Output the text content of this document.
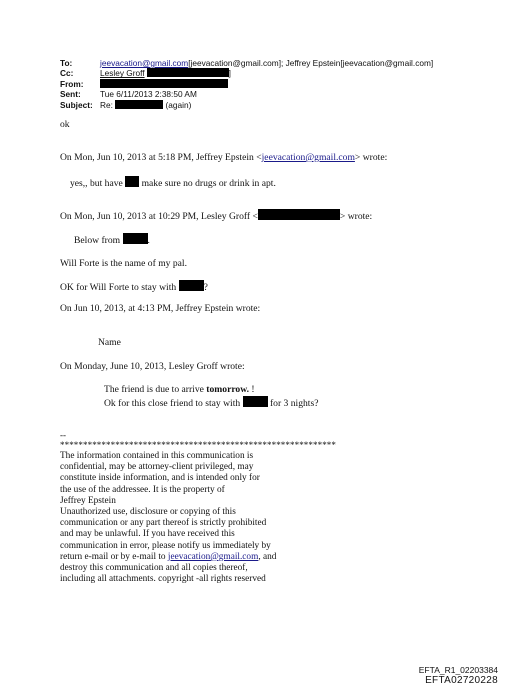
To:	jeevacation@gmail.com[jeevacation@gmail.com]; Jeffrey Epstein[jeevacation@gmail.com]
Cc:	Lesley Groff	]
From:
Sent: Tue 6/11/2013 2:38:50 AM
Subject: Re:	(again)
ok
On Mon, Jun 10, 2013 at 5:18 PM, Jeffrey Epstein <jeevacation@gmail.com> wrote:
yes,, but have make sure no drugs or drink in apt.
On Mon, Jun 10, 2013 at 10:29 PM, Lesley Groff <	> wrote:
Below from	.
Will Forte is the name of my pal.
OK for Will Forte to stay with	?
On Jun 10, 2013, at 4:13 PM, Jeffrey Epstein wrote:
Name
On Monday, June 10, 2013, Lesley Groff wrote:
The friend is due to arrive tomorrow. !
Ok for this close friend to stay with	for 3 nights?
--
************************************************************
The information contained in this communication is
confidential, may be attorney-client privileged, may
constitute inside information, and is intended only for
the use of the addressee. It is the property of
Jeffrey Epstein
Unauthorized use, disclosure or copying of this
communication or any part thereof is strictly prohibited
and may be unlawful. If you have received this
communication in error, please notify us immediately by
return e-mail or by e-mail to jeevacation@gmail.com, and
destroy this communication and all copies thereof,
including all attachments. copyright -all rights reserved
EFTA_R1_02203384
EFTA02720228
